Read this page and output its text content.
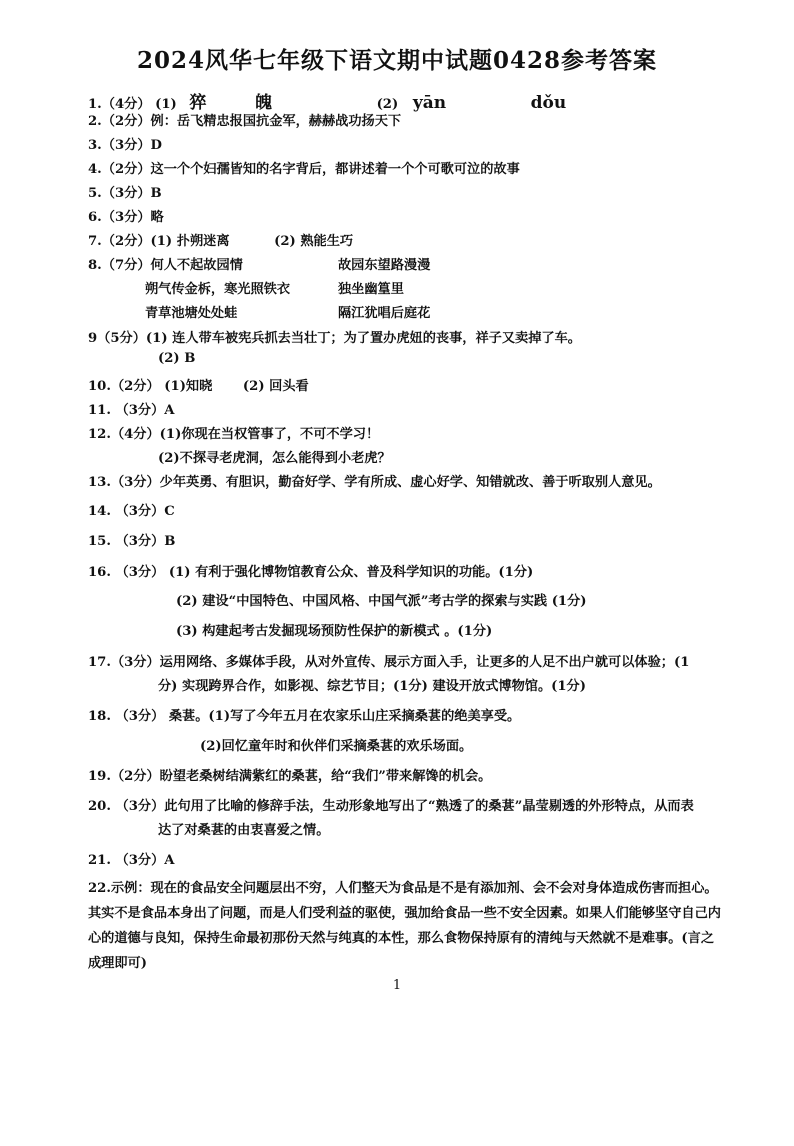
2024风华七年级下语文期中试题0428参考答案
1.（4分） (1) 猝	魄	(2) yān	dǒu
2.（2分）例：岳飞精忠报国抗金军，赫赫战功扬天下
3.（3分）D
4.（2分）这一个个妇孺皆知的名字背后，都讲述着一个个可歌可泣的故事
5.（3分）B
6.（3分）略
7.（2分）(1) 扑朔迷离	(2) 熟能生巧
8.（7分）何人不起故园情	故园东望路漫漫
朔气传金柝，寒光照铁衣	独坐幽篁里
青草池塘处处蛙	隔江犹唱后庭花
9（5分）(1) 连人带车被宪兵抓去当壮丁；为了置办虎妞的丧事，祥子又卖掉了车。
(2) B
10.（2分） (1)知晓 (2) 回头看
11. （3分）A
12.（4分）(1)你现在当权管事了，不可不学习！
(2)不探寻老虎洞，怎么能得到小老虎？
13.（3分）少年英勇、有胆识，勤奋好学、学有所成、虚心好学、知错就改、善于听取别人意见。
14. （3分）C
15. （3分）B
16. （3分） (1) 有利于强化博物馆教育公众、普及科学知识的功能。(1分)
(2) 建设“中国特色、中国风格、中国气派”考古学的探索与实践 (1分)
(3) 构建起考古发掘现场预防性保护的新模式 。(1分)
17.（3分）运用网络、多媒体手段，从对外宣传、展示方面入手，让更多的人足不出户就可以体验；(1
分) 实现跨界合作，如影视、综艺节目；(1分) 建设开放式博物馆。(1分)
18. （3分） 桑葚。(1)写了今年五月在农家乐山庄采摘桑葚的绝美享受。
(2)回忆童年时和伙伴们采摘桑葚的欢乐场面。
19.（2分）盼望老桑树结满紫红的桑葚，给“我们”带来解馋的机会。
20. （3分）此句用了比喻的修辞手法，生动形象地写出了“熟透了的桑葚”晶莹剔透的外形特点，从而表
达了对桑葚的由衷喜爱之情。
21. （3分）A
22.示例：现在的食品安全问题层出不穷，人们整天为食品是不是有添加剂、会不会对身体造成伤害而担心。其实不是食品本身出了问题，而是人们受利益的驱使，强加给食品一些不安全因素。如果人们能够坚守自己内心的道德与良知，保持生命最初那份天然与纯真的本性，那么食物保持原有的清纯与天然就不是难事。(言之成理即可)
1
